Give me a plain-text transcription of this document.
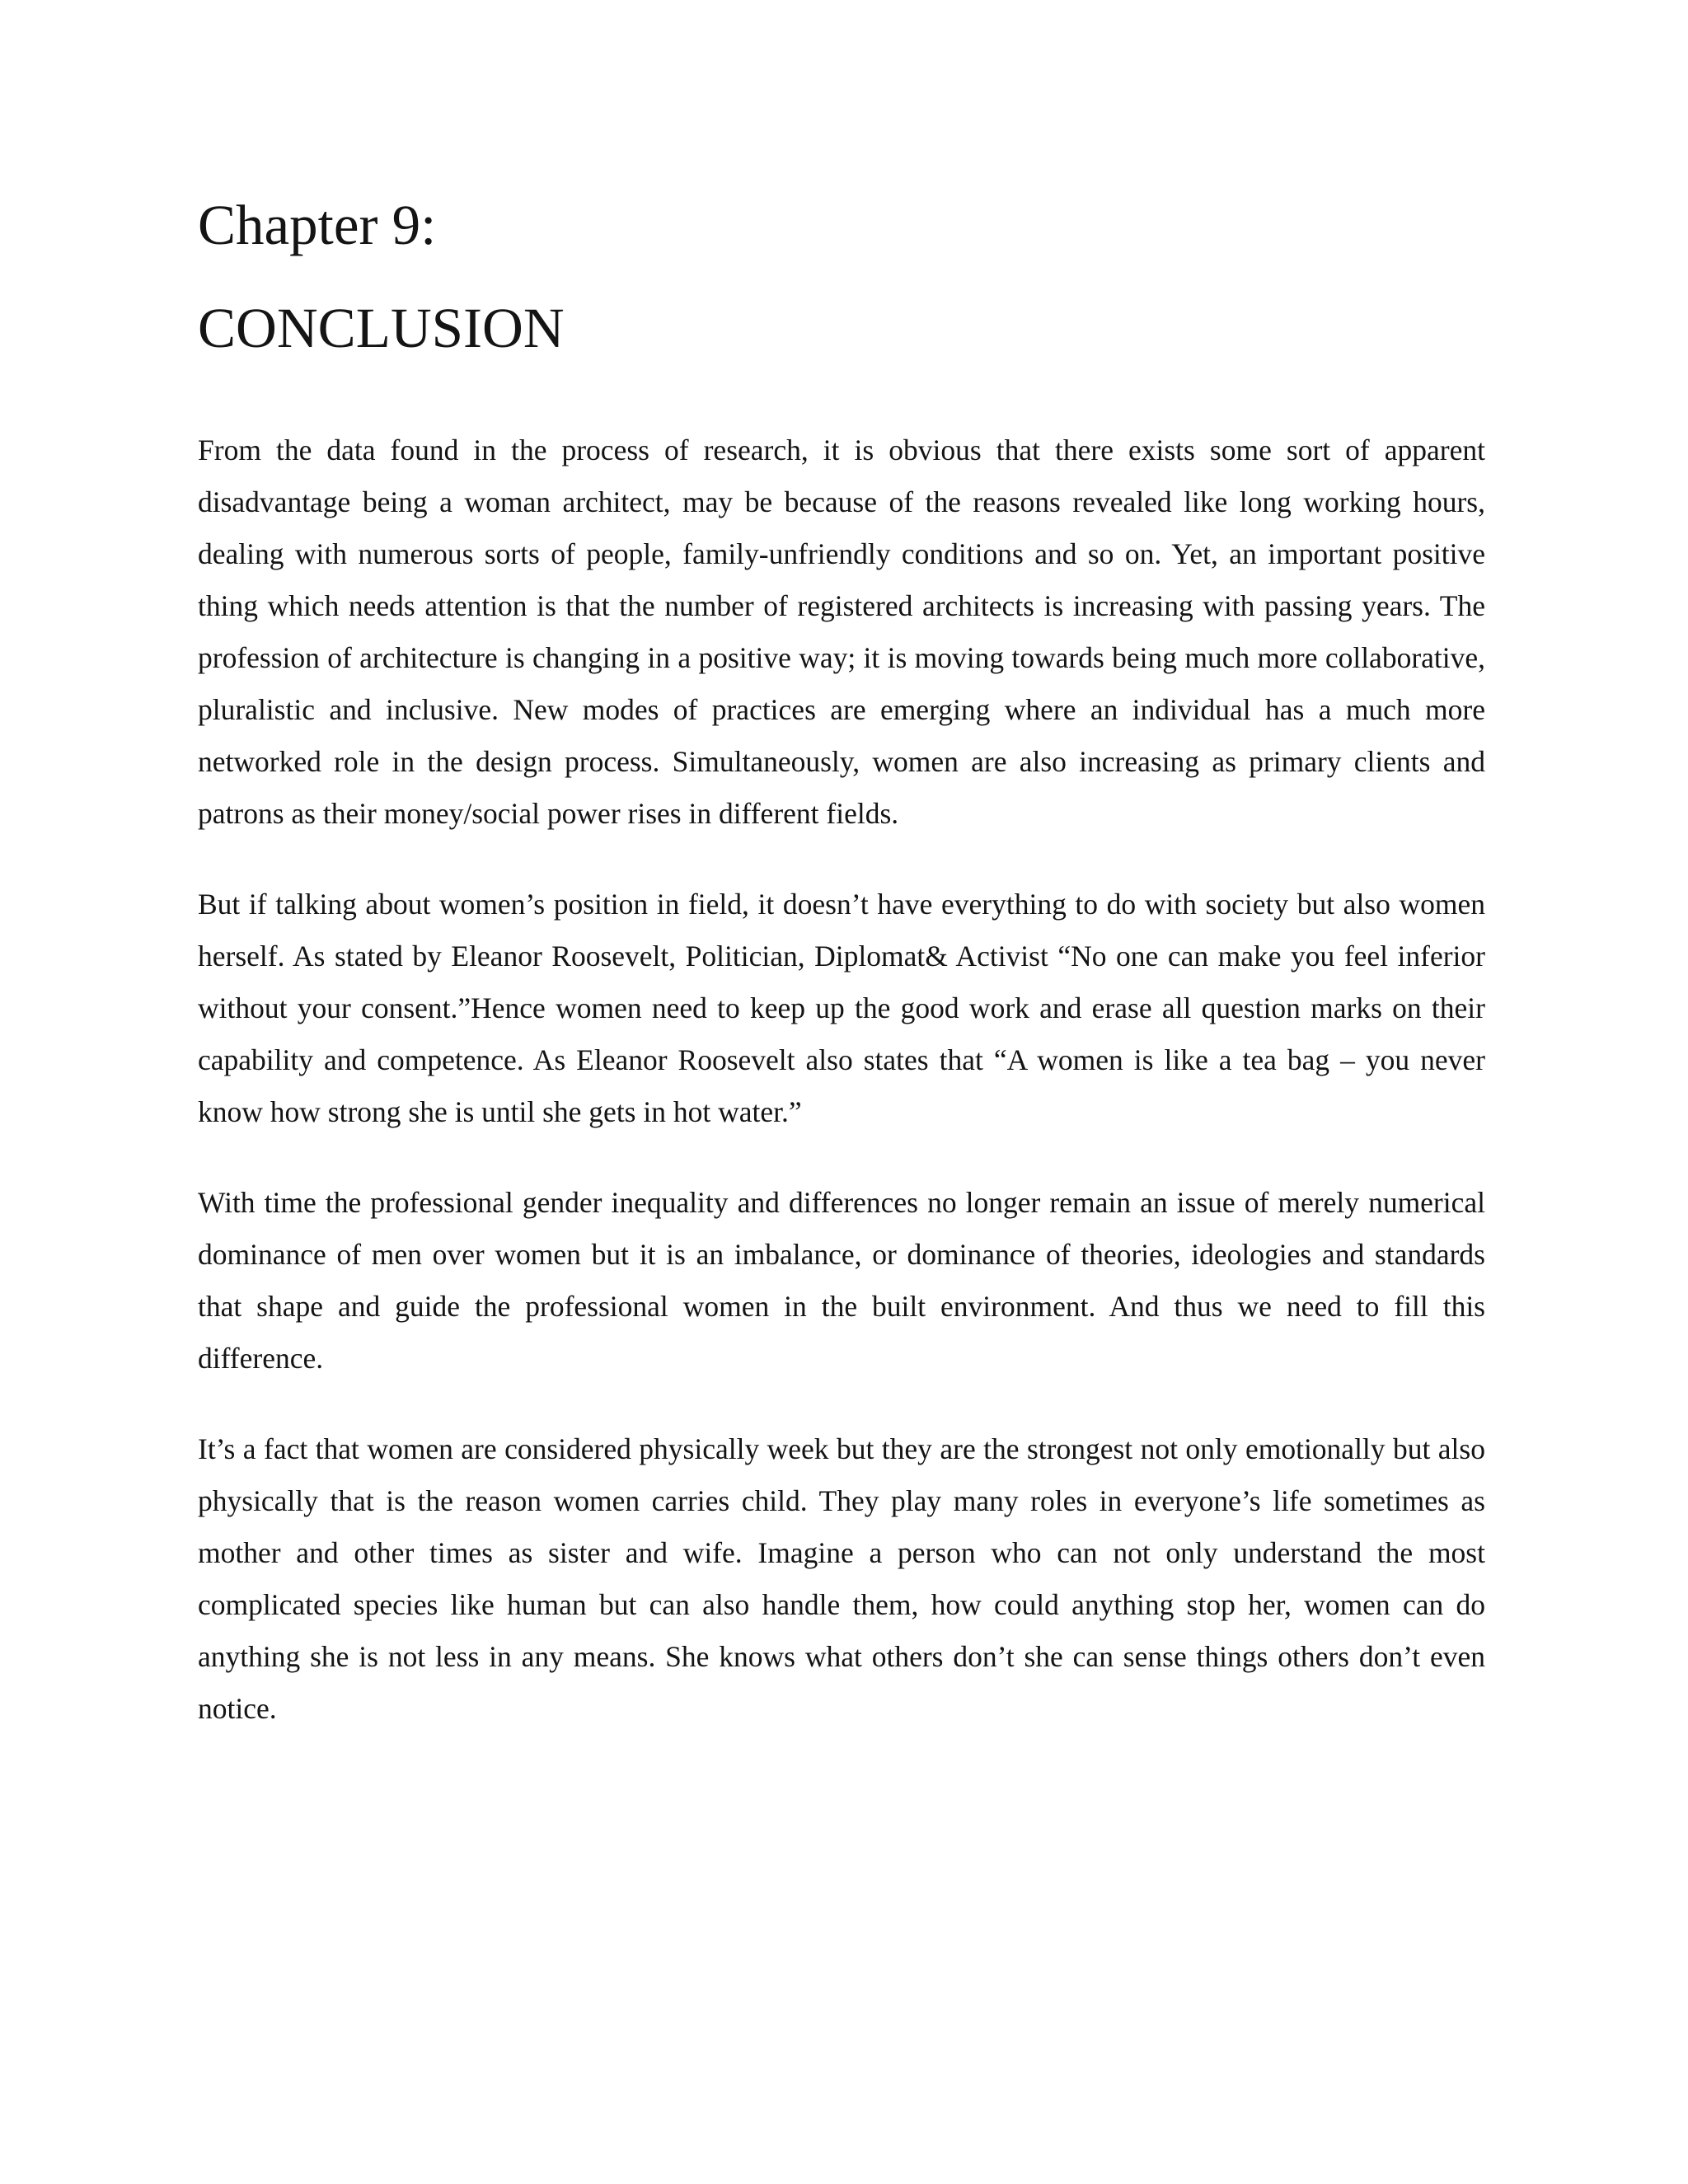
Chapter 9:
CONCLUSION

From the data found in the process of research, it is obvious that there exists some sort of apparent disadvantage being a woman architect, may be because of the reasons revealed like long working hours, dealing with numerous sorts of people, family-unfriendly conditions and so on. Yet, an important positive thing which needs attention is that the number of registered architects is increasing with passing years. The profession of architecture is changing in a positive way; it is moving towards being much more collaborative, pluralistic and inclusive. New modes of practices are emerging where an individual has a much more networked role in the design process. Simultaneously, women are also increasing as primary clients and patrons as their money/social power rises in different fields.

But if talking about women’s position in field, it doesn’t have everything to do with society but also women herself. As stated by Eleanor Roosevelt, Politician, Diplomat& Activist “No one can make you feel inferior without your consent.”Hence women need to keep up the good work and erase all question marks on their capability and competence. As Eleanor Roosevelt also states that “A women is like a tea bag – you never know how strong she is until she gets in hot water.”

With time the professional gender inequality and differences no longer remain an issue of merely numerical dominance of men over women but it is an imbalance, or dominance of theories, ideologies and standards that shape and guide the professional women in the built environment. And thus we need to fill this difference.

It’s a fact that women are considered physically week but they are the strongest not only emotionally but also physically that is the reason women carries child. They play many roles in everyone’s life sometimes as mother and other times as sister and wife. Imagine a person who can not only understand the most complicated species like human but can also handle them, how could anything stop her, women can do anything she is not less in any means. She knows what others don’t she can sense things others don’t even notice.
